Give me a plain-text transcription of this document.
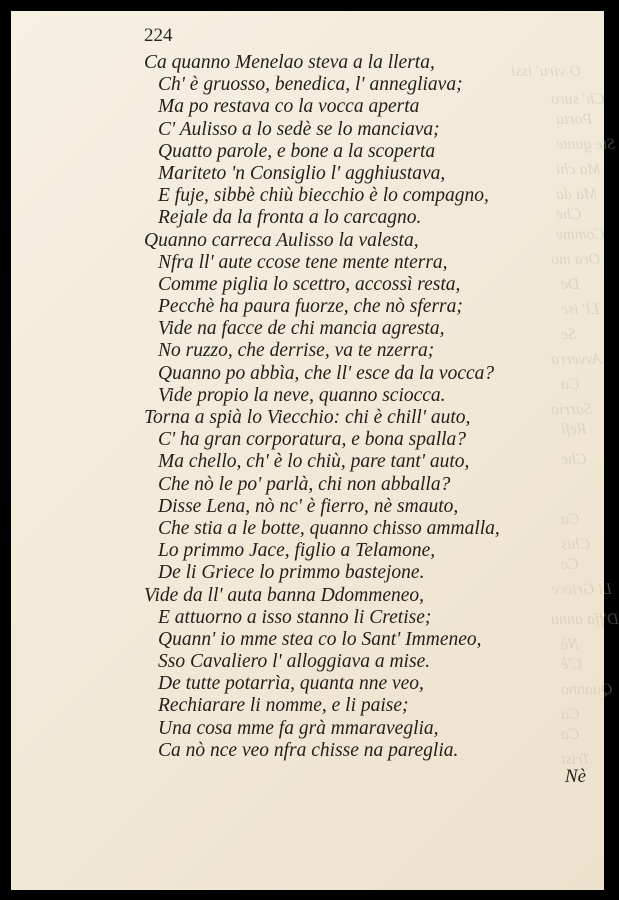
O viru' issi
Ch' suro
Porta
Ste gunte
Ma chi
Ma da
Che
Comme
Ora mo
De
Ll' ise
Se
Avverra
Ca
Sarria
Refi
Che
Ca
Chis
Ce
Li Griece
D'ffa annu
Nè
C'è
Quanno
Ca
Ca
Trist
224
Ca quanno Menelao steva a la llerta,
Ch' è gruosso, benedica, l' annegliava;
Ma po restava co la vocca aperta
C' Aulisso a lo sedè se lo manciava;
Quatto parole, e bone a la scoperta
Mariteto 'n Consiglio l' agghiustava,
E fuje, sibbè chiù biecchio è lo compagno,
Rejale da la fronta a lo carcagno.
Quanno carreca Aulisso la valesta,
Nfra ll' aute ccose tene mente nterra,
Comme piglia lo scettro, accossì resta,
Pecchè ha paura fuorze, che nò sferra;
Vide na facce de chi mancia agresta,
No ruzzo, che derrise, va te nzerra;
Quanno po abbìa, che ll' esce da la vocca?
Vide propio la neve, quanno sciocca.
Torna a spià lo Viecchio: chi è chill' auto,
C' ha gran corporatura, e bona spalla?
Ma chello, ch' è lo chiù, pare tant' auto,
Che nò le po' parlà, chi non abballa?
Disse Lena, nò nc' è fierro, nè smauto,
Che stia a le botte, quanno chisso ammalla,
Lo primmo Jace, figlio a Telamone,
De li Griece lo primmo bastejone.
Vide da ll' auta banna Ddommeneo,
E attuorno a isso stanno li Cretise;
Quann' io mme stea co lo Sant' Immeneo,
Sso Cavaliero l' alloggiava a mise.
De tutte potarrìa, quanta nne veo,
Rechiarare li nomme, e li paise;
Una cosa mme fa grà mmaraveglia,
Ca nò nce veo nfra chisse na pareglia.
Nè
